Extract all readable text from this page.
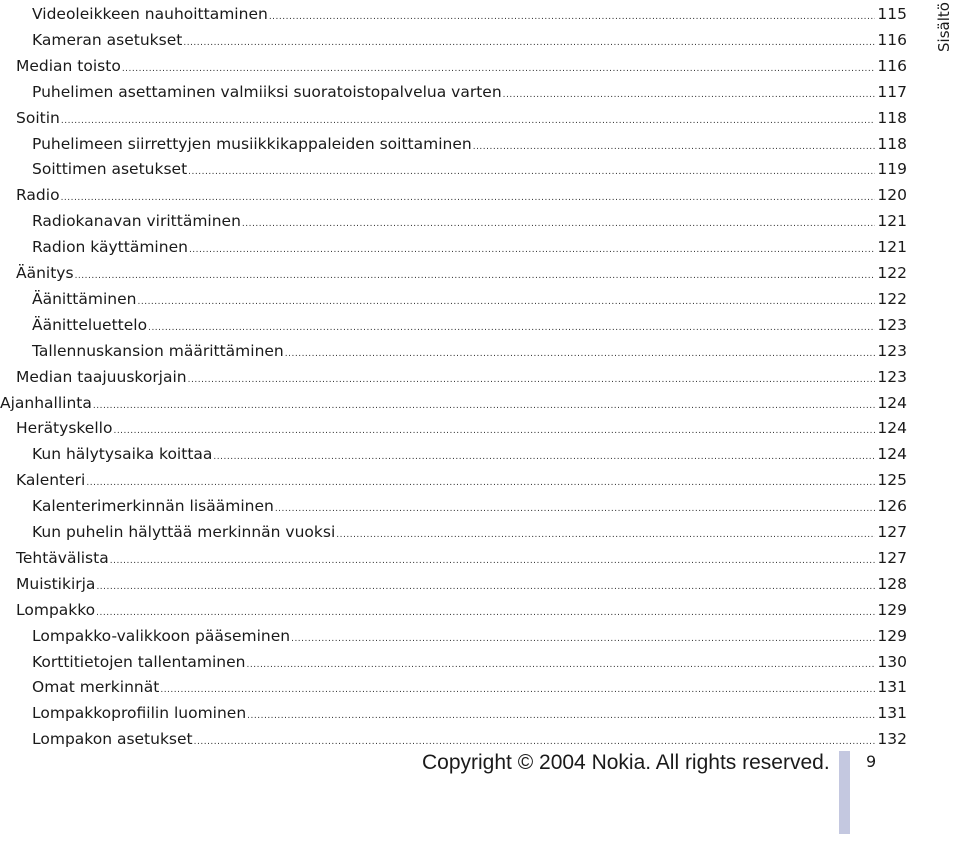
Videoleikkeen nauhoittaminen .....	115
Kameran asetukset .....	116
Median toisto .....	116
Puhelimen asettaminen valmiiksi suoratoistopalvelua varten .....	117
Soitin .....	118
Puhelimeen siirrettyjen musiikkikappaleiden soittaminen .....	118
Soittimen asetukset .....	119
Radio .....	120
Radiokanavan virittäminen .....	121
Radion käyttäminen .....	121
Äänitys .....	122
Äänittäminen .....	122
Äänitteluettelo .....	123
Tallennuskansion määrittäminen .....	123
Median taajuuskorjain .....	123
Ajanhallinta .....	124
Herätyskello .....	124
Kun hälytysaika koittaa .....	124
Kalenteri .....	125
Kalenterimerkinnän lisääminen .....	126
Kun puhelin hälyttää merkinnän vuoksi .....	127
Tehtävälista .....	127
Muistikirja .....	128
Lompakko .....	129
Lompakko-valikkoon pääseminen .....	129
Korttitietojen tallentaminen .....	130
Omat merkinnät .....	131
Lompakkoprofiilin luominen .....	131
Lompakon asetukset .....	132
Sisältö
Copyright © 2004 Nokia. All rights reserved. 9
